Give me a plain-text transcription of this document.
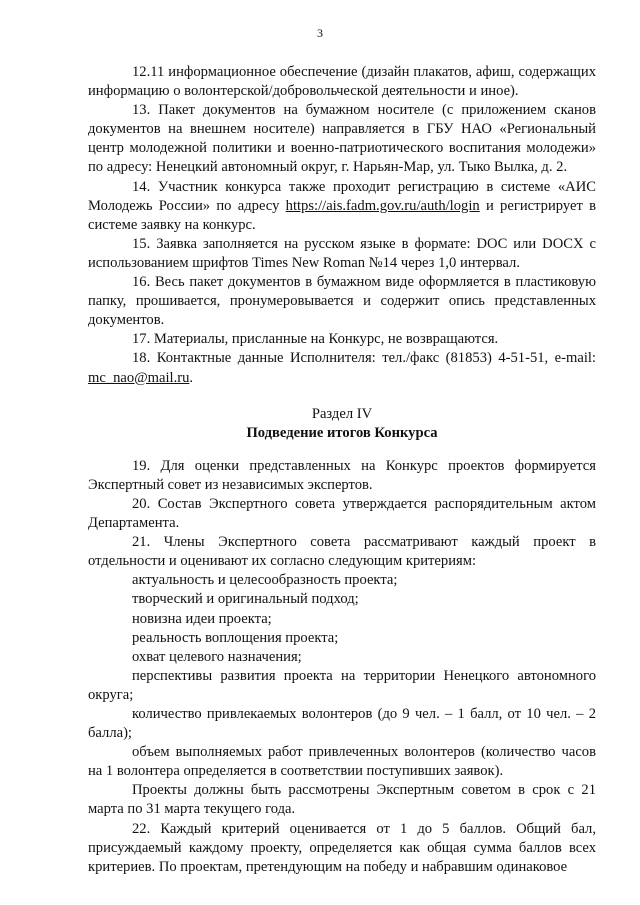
3

12.11 информационное обеспечение (дизайн плакатов, афиш, содержащих информацию о волонтерской/добровольческой деятельности и иное).

13. Пакет документов на бумажном носителе (с приложением сканов документов на внешнем носителе) направляется в ГБУ НАО «Региональный центр молодежной политики и военно-патриотического воспитания молодежи» по адресу: Ненецкий автономный округ, г. Нарьян-Мар, ул. Тыко Вылка, д. 2.

14. Участник конкурса также проходит регистрацию в системе «АИС Молодежь России» по адресу https://ais.fadm.gov.ru/auth/login и регистрирует в системе заявку на конкурс.

15. Заявка заполняется на русском языке в формате: DOC или DOCX с использованием шрифтов Times New Roman №14 через 1,0 интервал.

16. Весь пакет документов в бумажном виде оформляется в пластиковую папку, прошивается, пронумеровывается и содержит опись представленных документов.

17. Материалы, присланные на Конкурс, не возвращаются.

18. Контактные данные Исполнителя: тел./факс (81853) 4-51-51, e-mail: mc_nao@mail.ru.

Раздел IV

Подведение итогов Конкурса

19. Для оценки представленных на Конкурс проектов формируется Экспертный совет из независимых экспертов.

20. Состав Экспертного совета утверждается распорядительным актом Департамента.

21. Члены Экспертного совета рассматривают каждый проект в отдельности и оценивают их согласно следующим критериям:

актуальность и целесообразность проекта;

творческий и оригинальный подход;

новизна идеи проекта;

реальность воплощения проекта;

охват целевого назначения;

перспективы развития проекта на территории Ненецкого автономного округа;

количество привлекаемых волонтеров (до 9 чел. – 1 балл, от 10 чел. – 2 балла);

объем выполняемых работ привлеченных волонтеров (количество часов на 1 волонтера определяется в соответствии поступивших заявок).

Проекты должны быть рассмотрены Экспертным советом в срок с 21 марта по 31 марта текущего года.

22. Каждый критерий оценивается от 1 до 5 баллов. Общий бал, присуждаемый каждому проекту, определяется как общая сумма баллов всех критериев. По проектам, претендующим на победу и набравшим одинаковое
